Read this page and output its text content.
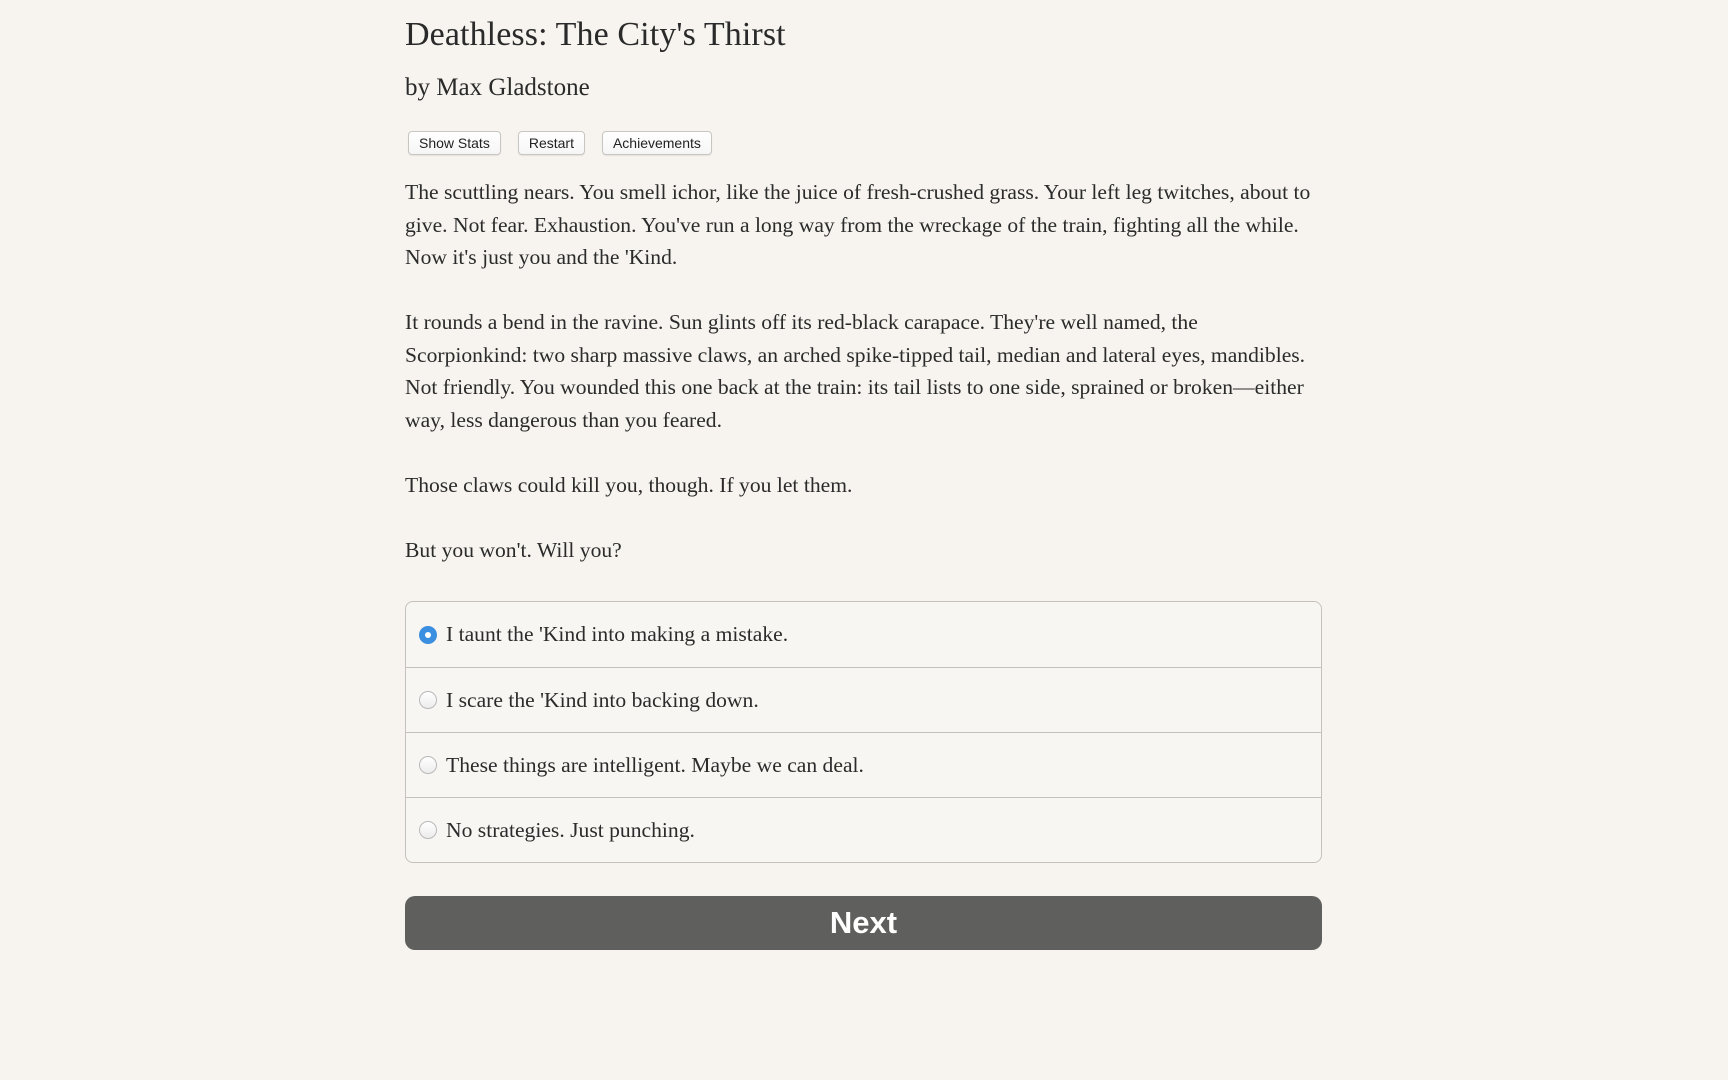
Deathless: The City's Thirst
by Max Gladstone
Show Stats	Restart	Achievements

The scuttling nears. You smell ichor, like the juice of fresh-crushed grass. Your left leg twitches, about to give. Not fear. Exhaustion. You've run a long way from the wreckage of the train, fighting all the while. Now it's just you and the 'Kind.

It rounds a bend in the ravine. Sun glints off its red-black carapace. They're well named, the Scorpionkind: two sharp massive claws, an arched spike-tipped tail, median and lateral eyes, mandibles. Not friendly. You wounded this one back at the train: its tail lists to one side, sprained or broken—either way, less dangerous than you feared.

Those claws could kill you, though. If you let them.

But you won't. Will you?

I taunt the 'Kind into making a mistake.
I scare the 'Kind into backing down.
These things are intelligent. Maybe we can deal.
No strategies. Just punching.
Next
